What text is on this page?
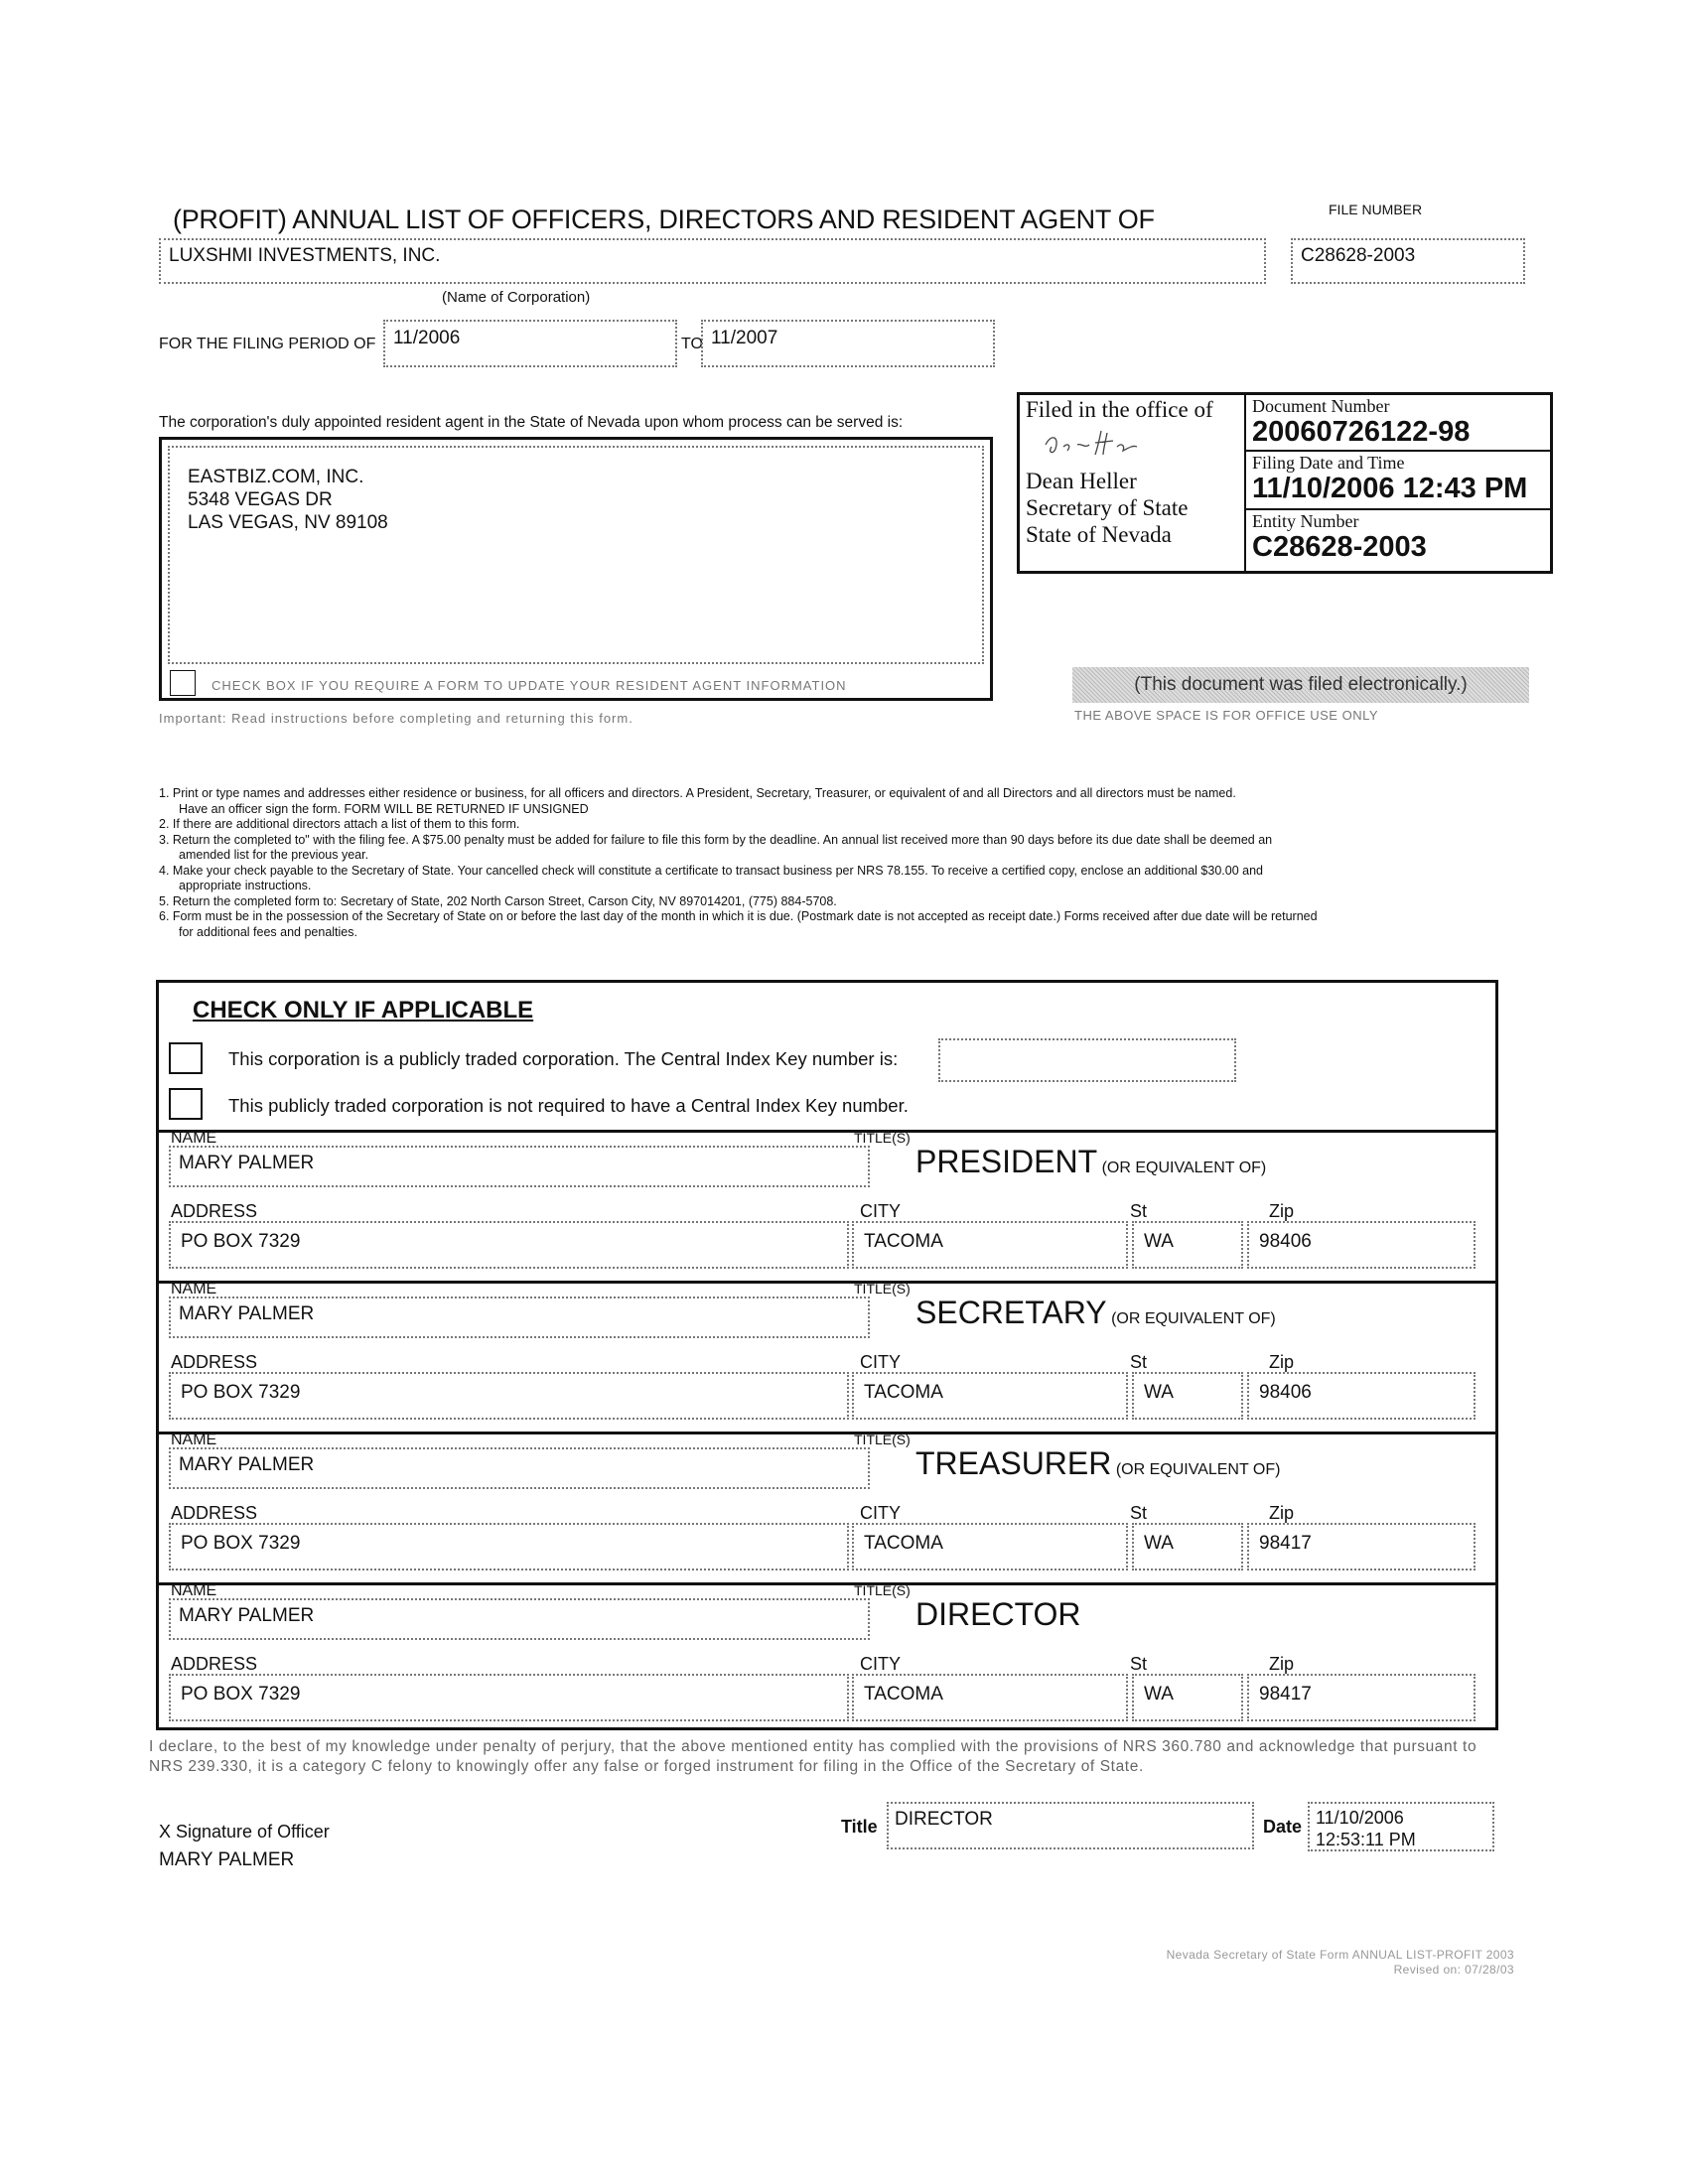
(PROFIT) ANNUAL LIST OF OFFICERS, DIRECTORS AND RESIDENT AGENT OF	FILE NUMBER
LUXSHMI INVESTMENTS, INC.	C28628-2003
(Name of Corporation)
FOR THE FILING PERIOD OF 11/2006	TO 11/2007
The corporation's duly appointed resident agent in the State of Nevada upon whom process can be served is:
EASTBIZ.COM, INC.
5348 VEGAS DR
LAS VEGAS, NV 89108
CHECK BOX IF YOU REQUIRE A FORM TO UPDATE YOUR RESIDENT AGENT INFORMATION
Important: Read instructions before completing and returning this form.
Filed in the office of
Dean Heller
Secretary of State
State of Nevada
Document Number
20060726122-98
Filing Date and Time
11/10/2006 12:43 PM
Entity Number
C28628-2003
(This document was filed electronically.)
THE ABOVE SPACE IS FOR OFFICE USE ONLY
1. Print or type names and addresses either residence or business, for all officers and directors. A President, Secretary, Treasurer, or equivalent of and all Directors and all directors must be named.
Have an officer sign the form. FORM WILL BE RETURNED IF UNSIGNED
2. If there are additional directors attach a list of them to this form.
3. Return the completed to" with the filing fee. A $75.00 penalty must be added for failure to file this form by the deadline. An annual list received more than 90 days before its due date shall be deemed an
amended list for the previous year.
4. Make your check payable to the Secretary of State. Your cancelled check will constitute a certificate to transact business per NRS 78.155. To receive a certified copy, enclose an additional $30.00 and
appropriate instructions.
5. Return the completed form to: Secretary of State, 202 North Carson Street, Carson City, NV 897014201, (775) 884-5708.
6. Form must be in the possession of the Secretary of State on or before the last day of the month in which it is due. (Postmark date is not accepted as receipt date.) Forms received after due date will be returned
for additional fees and penalties.
CHECK ONLY IF APPLICABLE
This corporation is a publicly traded corporation. The Central Index Key number is:
This publicly traded corporation is not required to have a Central Index Key number.
NAME	TITLE(S)
MARY PALMER	PRESIDENT (OR EQUIVALENT OF)
ADDRESS	CITY	St	Zip
PO BOX 7329	TACOMA	WA	98406
NAME	TITLE(S)
MARY PALMER	SECRETARY (OR EQUIVALENT OF)
ADDRESS	CITY	St	Zip
PO BOX 7329	TACOMA	WA	98406
NAME	TITLE(S)
MARY PALMER	TREASURER (OR EQUIVALENT OF)
ADDRESS	CITY	St	Zip
PO BOX 7329	TACOMA	WA	98417
NAME	TITLE(S)
MARY PALMER	DIRECTOR
ADDRESS	CITY	St	Zip
PO BOX 7329	TACOMA	WA	98417
I declare, to the best of my knowledge under penalty of perjury, that the above mentioned entity has complied with the provisions of NRS 360.780 and acknowledge that pursuant to
NRS 239.330, it is a category C felony to knowingly offer any false or forged instrument for filing in the Office of the Secretary of State.
X Signature of Officer
MARY PALMER
Title DIRECTOR	Date 11/10/2006
12:53:11 PM
Nevada Secretary of State Form ANNUAL LIST-PROFIT 2003
Revised on: 07/28/03
